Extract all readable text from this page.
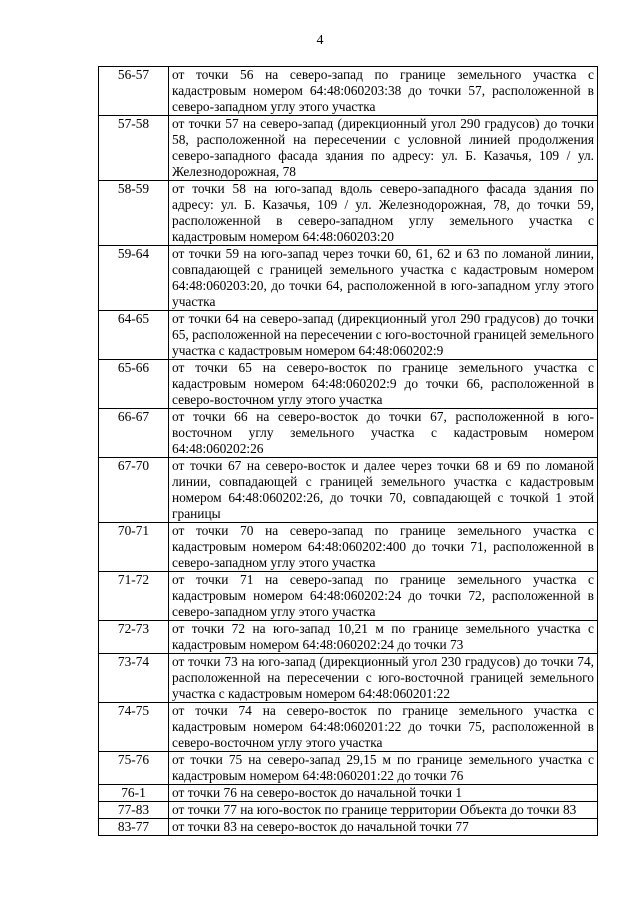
4
56-57	от точки 56 на северо-запад по границе земельного участка с кадастровым номером 64:48:060203:38 до точки 57, расположенной в северо-западном углу этого участка
57-58	от точки 57 на северо-запад (дирекционный угол 290 градусов) до точки 58, расположенной на пересечении с условной линией продолжения северо-западного фасада здания по адресу: ул. Б. Казачья, 109 / ул. Железнодорожная, 78
58-59	от точки 58 на юго-запад вдоль северо-западного фасада здания по адресу: ул. Б. Казачья, 109 / ул. Железнодорожная, 78, до точки 59, расположенной в северо-западном углу земельного участка с кадастровым номером 64:48:060203:20
59-64	от точки 59 на юго-запад через точки 60, 61, 62 и 63 по ломаной линии, совпадающей с границей земельного участка с кадастровым номером 64:48:060203:20, до точки 64, расположенной в юго-западном углу этого участка
64-65	от точки 64 на северо-запад (дирекционный угол 290 градусов) до точки 65, расположенной на пересечении с юго-восточной границей земельного участка с кадастровым номером 64:48:060202:9
65-66	от точки 65 на северо-восток по границе земельного участка с кадастровым номером 64:48:060202:9 до точки 66, расположенной в северо-восточном углу этого участка
66-67	от точки 66 на северо-восток до точки 67, расположенной в юго-восточном углу земельного участка с кадастровым номером 64:48:060202:26
67-70	от точки 67 на северо-восток и далее через точки 68 и 69 по ломаной линии, совпадающей с границей земельного участка с кадастровым номером 64:48:060202:26, до точки 70, совпадающей с точкой 1 этой границы
70-71	от точки 70 на северо-запад по границе земельного участка с кадастровым номером 64:48:060202:400 до точки 71, расположенной в северо-западном углу этого участка
71-72	от точки 71 на северо-запад по границе земельного участка с кадастровым номером 64:48:060202:24 до точки 72, расположенной в северо-западном углу этого участка
72-73	от точки 72 на юго-запад 10,21 м по границе земельного участка с кадастровым номером 64:48:060202:24 до точки 73
73-74	от точки 73 на юго-запад (дирекционный угол 230 градусов) до точки 74, расположенной на пересечении с юго-восточной границей земельного участка с кадастровым номером 64:48:060201:22
74-75	от точки 74 на северо-восток по границе земельного участка с кадастровым номером 64:48:060201:22 до точки 75, расположенной в северо-восточном углу этого участка
75-76	от точки 75 на северо-запад 29,15 м по границе земельного участка с кадастровым номером 64:48:060201:22 до точки 76
76-1	от точки 76 на северо-восток до начальной точки 1
77-83	от точки 77 на юго-восток по границе территории Объекта до точки 83
83-77	от точки 83 на северо-восток до начальной точки 77
